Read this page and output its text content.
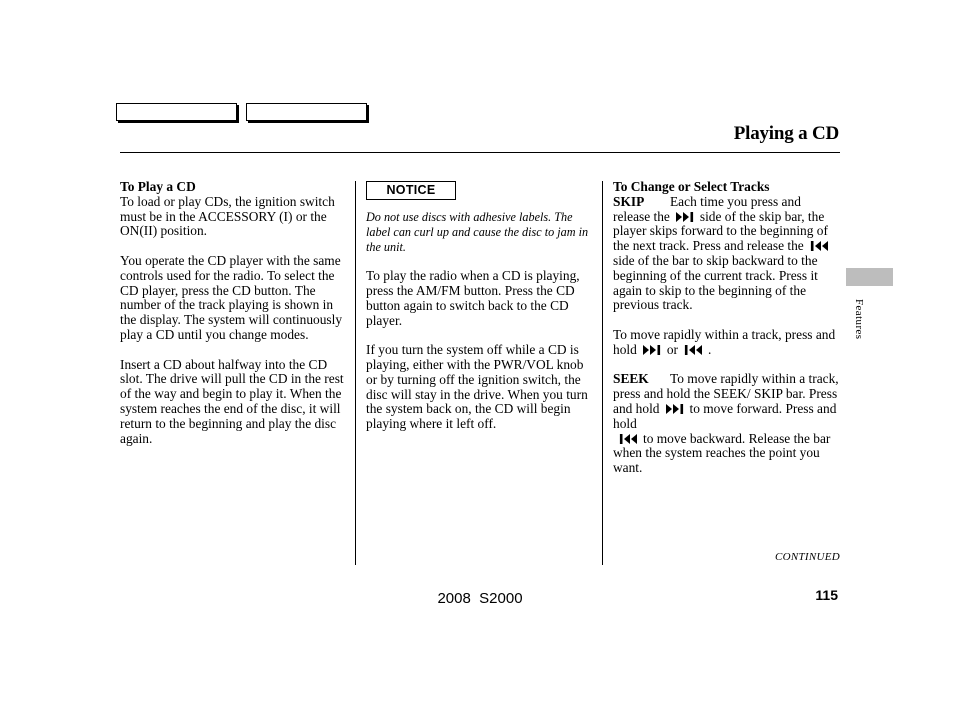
Playing a CD
To Play a CD

To load or play CDs, the ignition switch must be in the ACCESSORY (I) or the ON(II) position.

You operate the CD player with the same controls used for the radio. To select the CD player, press the CD button. The number of the track playing is shown in the display. The system will continuously play a CD until you change modes.

Insert a CD about halfway into the CD slot. The drive will pull the CD in the rest of the way and begin to play it. When the system reaches the end of the disc, it will return to the beginning and play the disc again.

NOTICE

Do not use discs with adhesive labels. The label can curl up and cause the disc to jam in the unit.

To play the radio when a CD is playing, press the AM/FM button. Press the CD button again to switch back to the CD player.

If you turn the system off while a CD is playing, either with the PWR/VOL knob or by turning off the ignition switch, the disc will stay in the drive. When you turn the system back on, the CD will begin playing where it left off.

To Change or Select Tracks

SKIP Each time you press and release the side of the skip bar, the player skips forward to the beginning of the next track. Press and release theside of the bar to skip backward to the beginning of the current track. Press it again to skip to the beginning of the previous track.

To move rapidly within a track, press and hold or .

SEEK To move rapidly within a track, press and hold the SEEK/ SKIP bar. Press and hold to move forward. Press and hold
to move backward. Release the bar when the system reaches the point you want.

Features
CONTINUED
2008  S2000	115
